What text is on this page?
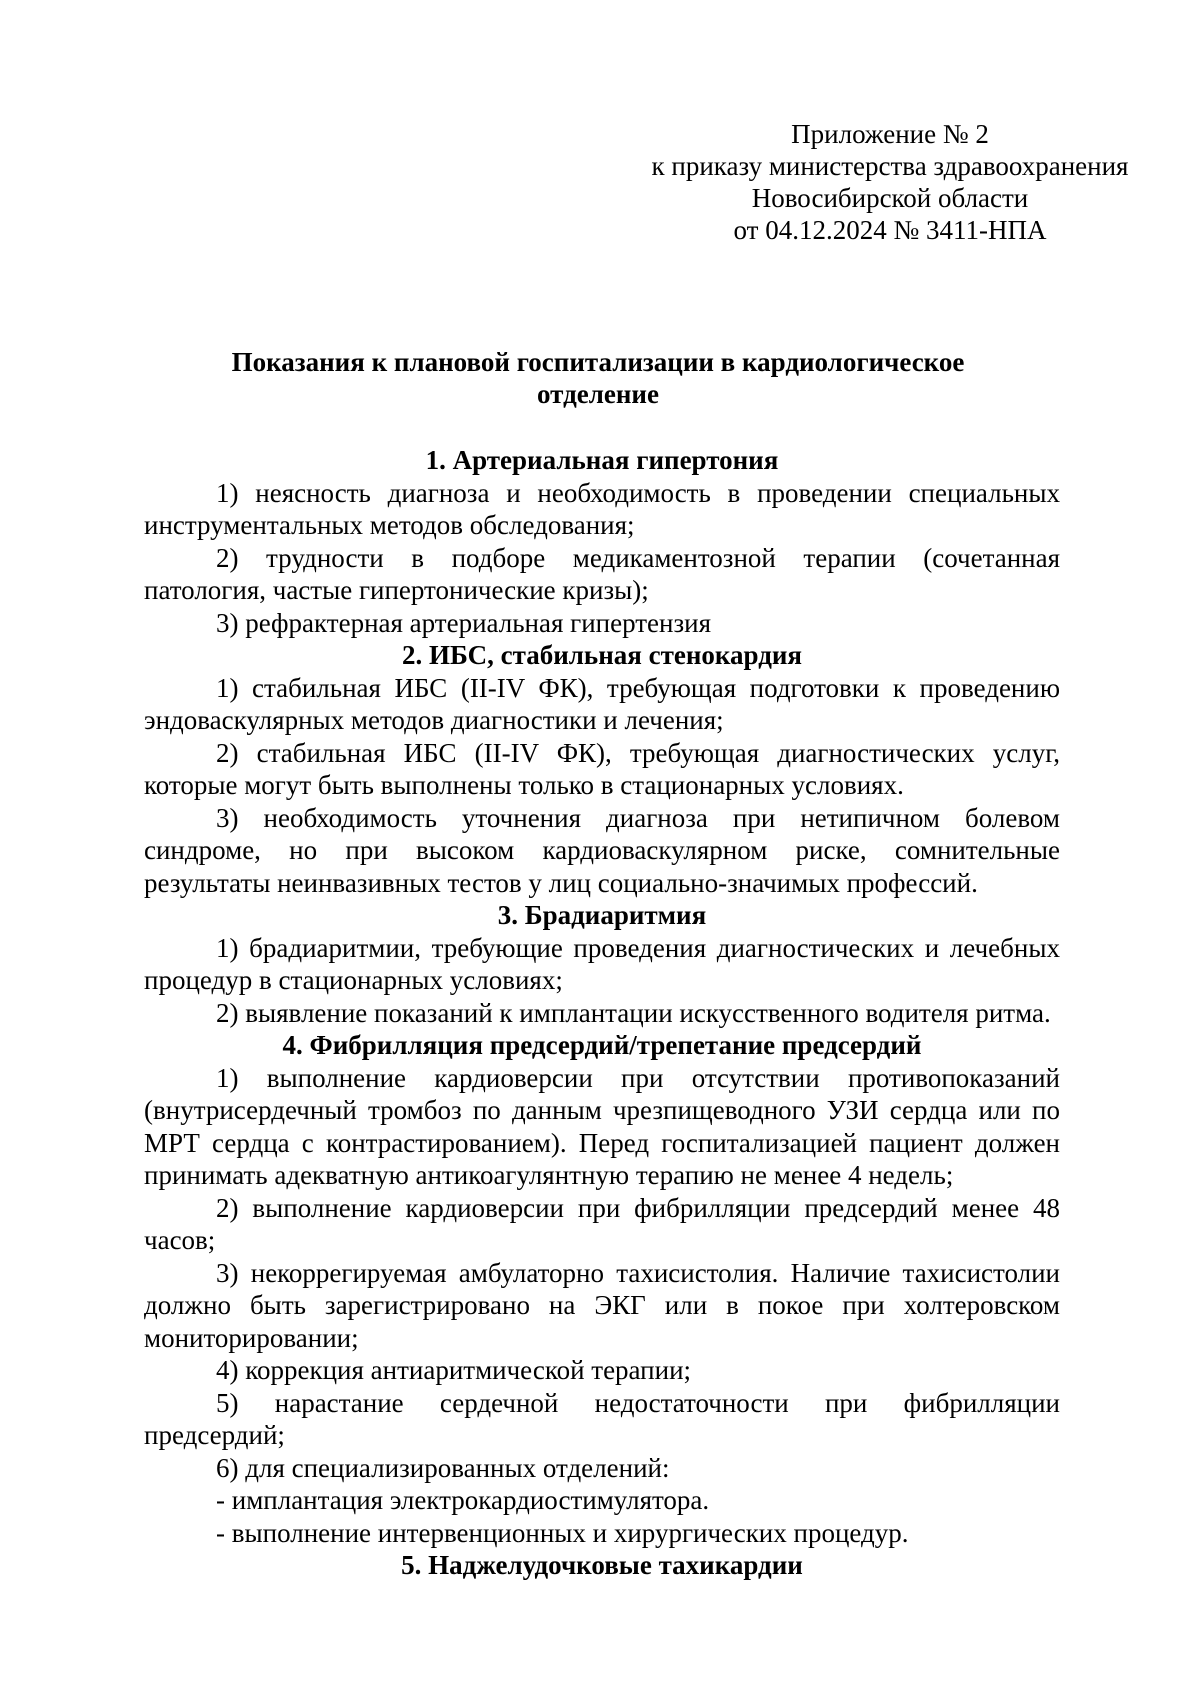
Приложение № 2
к приказу министерства здравоохранения
Новосибирской области
от 04.12.2024 № 3411-НПА
Показания к плановой госпитализации в кардиологическое
отделение

1. Артериальная гипертония

1) неясность диагноза и необходимость в проведении специальных инструментальных методов обследования;

2) трудности в подборе медикаментозной терапии (сочетанная патология, частые гипертонические кризы);

3) рефрактерная артериальная гипертензия

2. ИБС, стабильная стенокардия

1) стабильная ИБС (II-IV ФК), требующая подготовки к проведению эндоваскулярных методов диагностики и лечения;

2) стабильная ИБС (II-IV ФК), требующая диагностических услуг, которые могут быть выполнены только в стационарных условиях.

3) необходимость уточнения диагноза при нетипичном болевом синдроме, но при высоком кардиоваскулярном риске, сомнительные результаты неинвазивных тестов у лиц социально-значимых профессий.

3. Брадиаритмия

1) брадиаритмии, требующие проведения диагностических и лечебных процедур в стационарных условиях;

2) выявление показаний к имплантации искусственного водителя ритма.

4. Фибрилляция предсердий/трепетание предсердий

1) выполнение кардиоверсии при отсутствии противопоказаний (внутрисердечный тромбоз по данным чрезпищеводного УЗИ сердца или по МРТ сердца с контрастированием). Перед госпитализацией пациент должен принимать адекватную антикоагулянтную терапию не менее 4 недель;

2) выполнение кардиоверсии при фибрилляции предсердий менее 48 часов;

3) некоррегируемая амбулаторно тахисистолия. Наличие тахисистолии должно быть зарегистрировано на ЭКГ или в покое при холтеровском мониторировании;

4) коррекция антиаритмической терапии;

5) нарастание сердечной недостаточности при фибрилляции предсердий;

6) для специализированных отделений:

- имплантация электрокардиостимулятора.

- выполнение интервенционных и хирургических процедур.

5. Наджелудочковые тахикардии
